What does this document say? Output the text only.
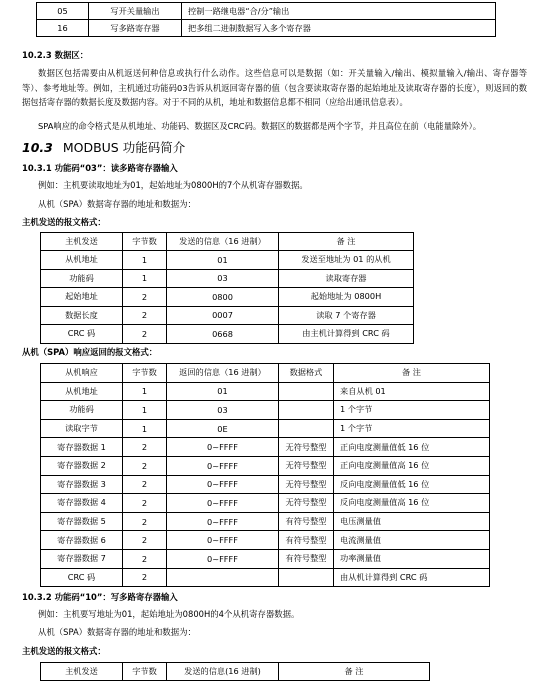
05	写开关量输出	控制一路继电器“合/分”输出
16	写多路寄存器	把多组二进制数据写入多个寄存器
10.2.3 数据区：
数据区包括需要由从机返送何种信息或执行什么动作。这些信息可以是数据（如：开关量输入/输出、模拟量输入/输出、寄存器等等）、参考地址等。例如，主机通过功能码03告诉从机返回寄存器的值（包含要读取寄存器的起始地址及读取寄存器的长度），则返回的数据包括寄存器的数据长度及数据内容。对于不同的从机，地址和数据信息都不相同（应给出通讯信息表）。
SPA响应的命令格式是从机地址、功能码、数据区及CRC码。数据区的数据都是两个字节，并且高位在前（电能量除外）。
10.3 MODBUS 功能码简介
10.3.1 功能码“03”：读多路寄存器输入
例如：主机要读取地址为01，起始地址为0800H的7个从机寄存器数据。
从机（SPA）数据寄存器的地址和数据为：
主机发送的报文格式：
主机发送	字节数	发送的信息（16 进制）	备 注
从机地址	1	01	发送至地址为 01 的从机
功能码	1	03	读取寄存器
起始地址	2	0800	起始地址为 0800H
数据长度	2	0007	读取 7 个寄存器
CRC 码	2	0668	由主机计算得到 CRC 码
从机（SPA）响应返回的报文格式：
从机响应	字节数	返回的信息（16 进制）	数据格式	备 注
从机地址	1	01		来自从机 01
功能码	1	03		1 个字节
读取字节	1	0E		1 个字节
寄存器数据 1	2	0~FFFF	无符号整型	正向电度测量值低 16 位
寄存器数据 2	2	0~FFFF	无符号整型	正向电度测量值高 16 位
寄存器数据 3	2	0~FFFF	无符号整型	反向电度测量值低 16 位
寄存器数据 4	2	0~FFFF	无符号整型	反向电度测量值高 16 位
寄存器数据 5	2	0~FFFF	有符号整型	电压测量值
寄存器数据 6	2	0~FFFF	有符号整型	电流测量值
寄存器数据 7	2	0~FFFF	有符号整型	功率测量值
CRC 码	2			由从机计算得到 CRC 码
10.3.2 功能码“10”：写多路寄存器输入
例如：主机要写地址为01，起始地址为0800H的4个从机寄存器数据。
从机（SPA）数据寄存器的地址和数据为：
主机发送的报文格式：
主机发送	字节数	发送的信息(16 进制)	备 注
